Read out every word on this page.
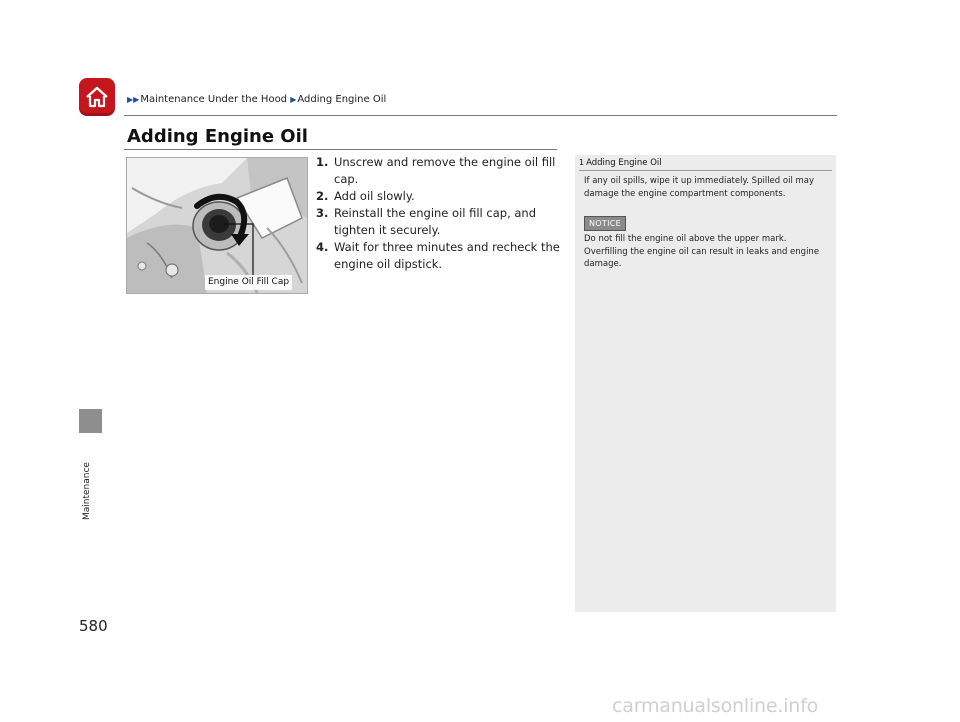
▶▶Maintenance Under the Hood ▶Adding Engine Oil
Adding Engine Oil
Maintenance
580
Engine Oil Fill Cap
1. Unscrew and remove the engine oil fill cap.
2. Add oil slowly.
3. Reinstall the engine oil fill cap, and tighten it securely.
4. Wait for three minutes and recheck the engine oil dipstick.
1 Adding Engine Oil
If any oil spills, wipe it up immediately. Spilled oil may damage the engine compartment components.
NOTICE
Do not fill the engine oil above the upper mark. Overfilling the engine oil can result in leaks and engine damage.
carmanualsonline.info
